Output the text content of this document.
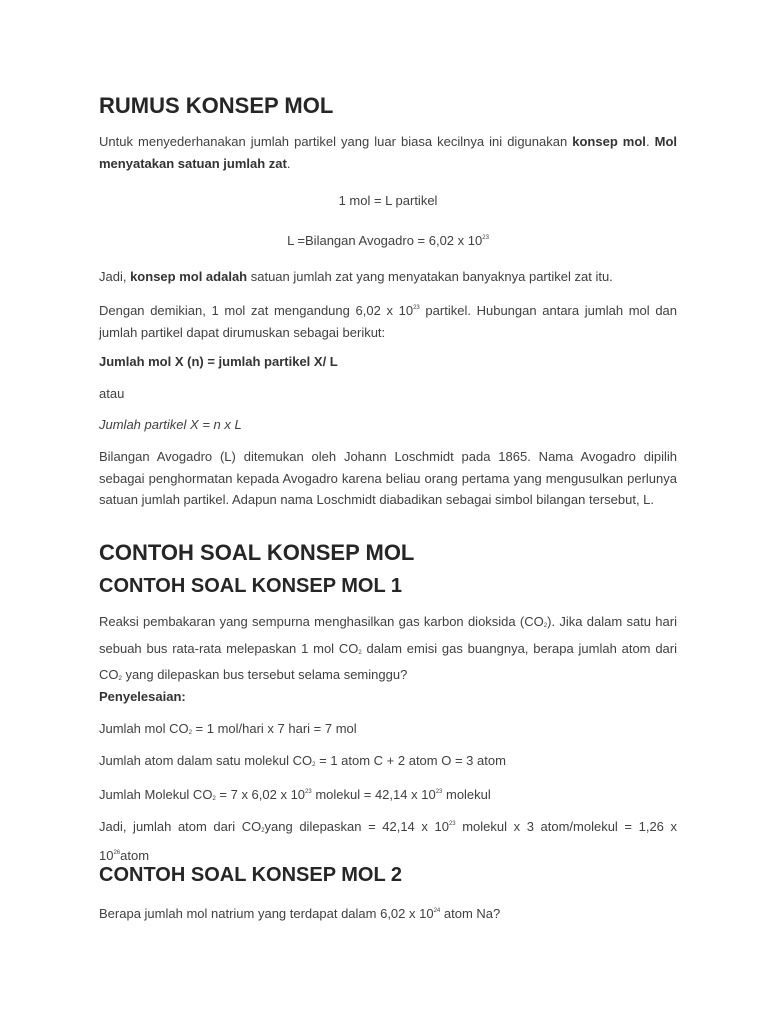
RUMUS KONSEP MOL

Untuk menyederhanakan jumlah partikel yang luar biasa kecilnya ini digunakan konsep mol. Mol menyatakan satuan jumlah zat.

1 mol = L partikel

L =Bilangan Avogadro = 6,02 x $10^{23}$

Jadi, konsep mol adalah satuan jumlah zat yang menyatakan banyaknya partikel zat itu.

Dengan demikian, 1 mol zat mengandung 6,02 x $10^{23}$ partikel. Hubungan antara jumlah mol dan jumlah partikel dapat dirumuskan sebagai berikut:

Jumlah mol X (n) = jumlah partikel X/ L

atau

Jumlah partikel X = n x L

Bilangan Avogadro (L) ditemukan oleh Johann Loschmidt pada 1865. Nama Avogadro dipilih sebagai penghormatan kepada Avogadro karena beliau orang pertama yang mengusulkan perlunya satuan jumlah partikel. Adapun nama Loschmidt diabadikan sebagai simbol bilangan tersebut, L.

CONTOH SOAL KONSEP MOL
CONTOH SOAL KONSEP MOL 1

Reaksi pembakaran yang sempurna menghasilkan gas karbon dioksida $(CO_2)$. Jika dalam satu hari sebuah bus rata-rata melepaskan 1 mol $CO_2$ dalam emisi gas buangnya, berapa jumlah atom dari $CO_2$ yang dilepaskan bus tersebut selama seminggu?

Penyelesaian:

Jumlah mol $CO_2 = 1$ mol/hari x 7 hari = 7 mol

Jumlah atom dalam satu molekul $CO_2 = 1$ atom C + 2 atom O = 3 atom

Jumlah Molekul $CO_2 = 7$ x 6,02 x $10^{23}$ molekul = 42,14 x $10^{23}$ molekul

Jadi, jumlah atom dari $CO_2yang$ dilepaskan = 42,14 x $10^{23}$ molekul x 3 atom/molekul = 1,26 x $10^{26}atom$

CONTOH SOAL KONSEP MOL 2

Berapa jumlah mol natrium yang terdapat dalam 6,02 x $10^{24}$ atom Na?
